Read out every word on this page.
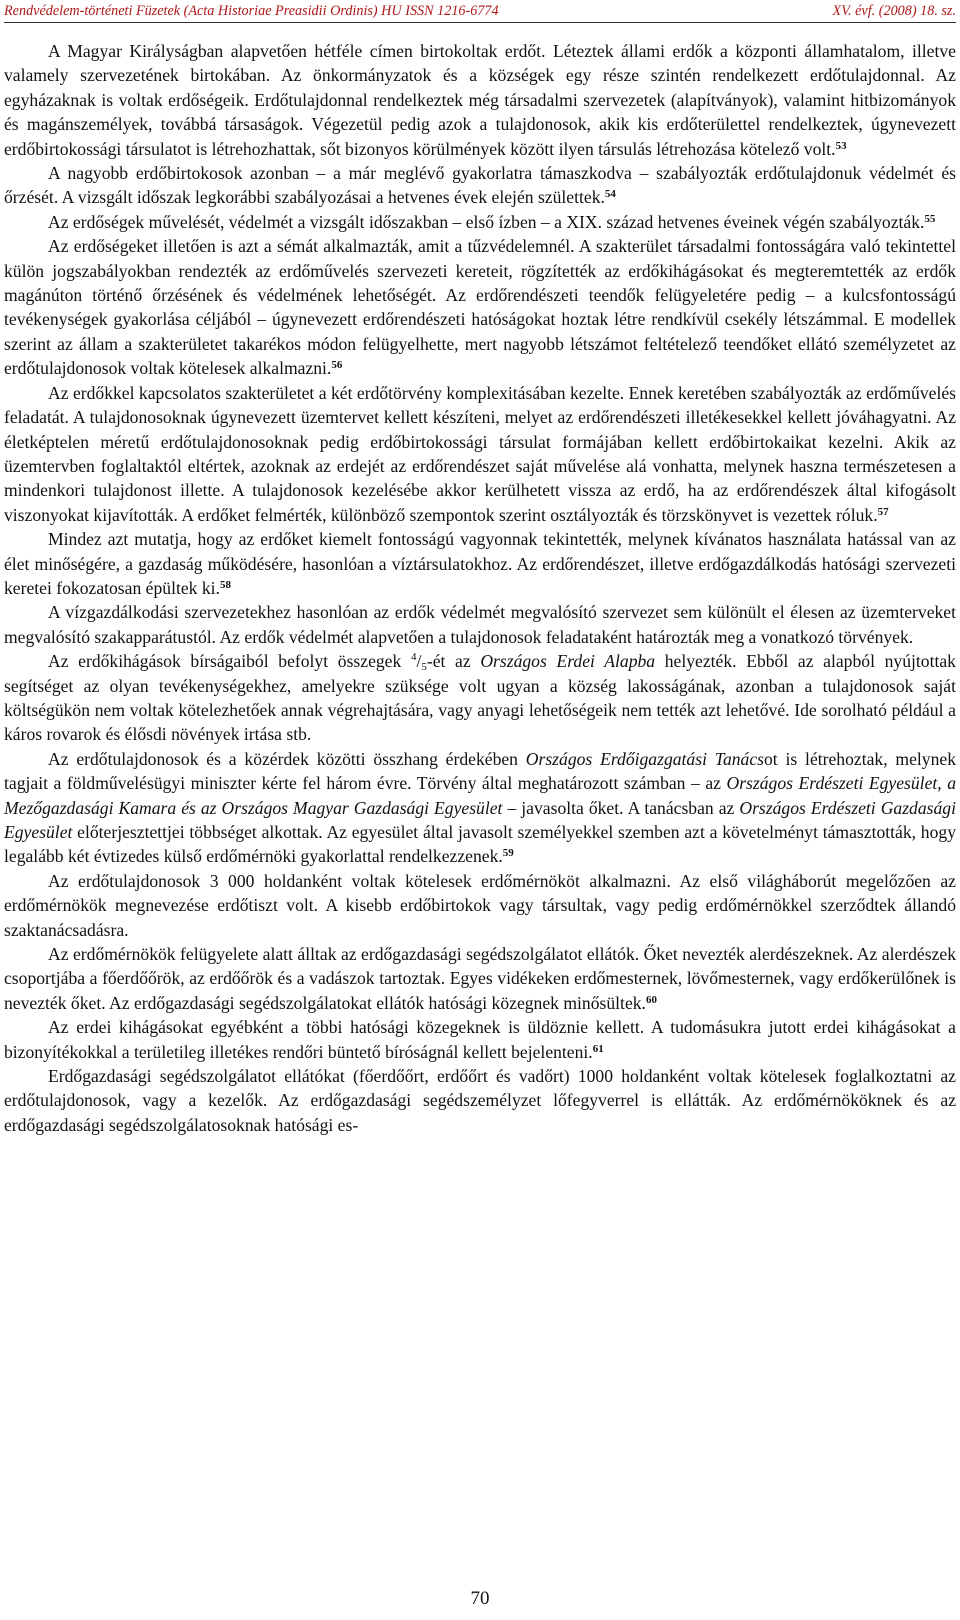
Rendvédelem-történeti Füzetek (Acta Historiae Preasidii Ordinis) HU ISSN 1216-6774	XV. évf. (2008) 18. sz.

A Magyar Királyságban alapvetően hétféle címen birtokoltak erdőt. Léteztek állami erdők a központi államhatalom, illetve valamely szervezetének birtokában. Az önkormányzatok és a községek egy része szintén rendelkezett erdőtulajdonnal. Az egyházaknak is voltak erdőségeik. Erdőtulajdonnal rendelkeztek még társadalmi szervezetek (alapítványok), valamint hitbizományok és magánszemélyek, továbbá társaságok. Végezetül pedig azok a tulajdonosok, akik kis erdőterülettel rendelkeztek, úgynevezett erdőbirtokossági társulatot is létrehozhattak, sőt bizonyos körülmények között ilyen társulás létrehozása kötelező volt.$^{53}$

A nagyobb erdőbirtokosok azonban – a már meglévő gyakorlatra támaszkodva – szabályozták erdőtulajdonuk védelmét és őrzését. A vizsgált időszak legkorábbi szabályozásai a hetvenes évek elején születtek.$^{54}$

Az erdőségek művelését, védelmét a vizsgált időszakban – első ízben – a XIX. század hetvenes éveinek végén szabályozták.$^{55}$

Az erdőségeket illetően is azt a sémát alkalmazták, amit a tűzvédelemnél. A szakterület társadalmi fontosságára való tekintettel külön jogszabályokban rendezték az erdőművelés szervezeti kereteit, rögzítették az erdőkihágásokat és megteremtették az erdők magánúton történő őrzésének és védelmének lehetőségét. Az erdőrendészeti teendők felügyeletére pedig – a kulcsfontosságú tevékenységek gyakorlása céljából – úgynevezett erdőrendészeti hatóságokat hoztak létre rendkívül csekély létszámmal. E modellek szerint az állam a szakterületet takarékos módon felügyelhette, mert nagyobb létszámot feltételező teendőket ellátó személyzetet az erdőtulajdonosok voltak kötelesek alkalmazni.$^{56}$

Az erdőkkel kapcsolatos szakterületet a két erdőtörvény komplexitásában kezelte. Ennek keretében szabályozták az erdőművelés feladatát. A tulajdonosoknak úgynevezett üzemtervet kellett készíteni, melyet az erdőrendészeti illetékesekkel kellett jóváhagyatni. Az életképtelen méretű erdőtulajdonosoknak pedig erdőbirtokossági társulat formájában kellett erdőbirtokaikat kezelni. Akik az üzemtervben foglaltaktól eltértek, azoknak az erdejét az erdőrendészet saját művelése alá vonhatta, melynek haszna természetesen a mindenkori tulajdonost illette. A tulajdonosok kezelésébe akkor kerülhetett vissza az erdő, ha az erdőrendészek által kifogásolt viszonyokat kijavították. A erdőket felmérték, különböző szempontok szerint osztályozták és törzskönyvet is vezettek róluk.$^{57}$

Mindez azt mutatja, hogy az erdőket kiemelt fontosságú vagyonnak tekintették, melynek kívánatos használata hatással van az élet minőségére, a gazdaság működésére, hasonlóan a víztársulatokhoz. Az erdőrendészet, illetve erdőgazdálkodás hatósági szervezeti keretei fokozatosan épültek ki.$^{58}$

A vízgazdálkodási szervezetekhez hasonlóan az erdők védelmét megvalósító szervezet sem különült el élesen az üzemterveket megvalósító szakapparátustól. Az erdők védelmét alapvetően a tulajdonosok feladataként határozták meg a vonatkozó törvények.

Az erdőkihágások bírságaiból befolyt összegek $^4$/5-ét az Országos Erdei Alapba helyezték. Ebből az alapból nyújtottak segítséget az olyan tevékenységekhez, amelyekre szüksége volt ugyan a község lakosságának, azonban a tulajdonosok saját költségükön nem voltak kötelezhetőek annak végrehajtására, vagy anyagi lehetőségeik nem tették azt lehetővé. Ide sorolható például a káros rovarok és élősdi növények irtása stb.

Az erdőtulajdonosok és a közérdek közötti összhang érdekében Országos Erdőigazgatási Tanácsot is létrehoztak, melynek tagjait a földművelésügyi miniszter kérte fel három évre. Törvény által meghatározott számban – az Országos Erdészeti Egyesület, a Mezőgazdasági Kamara és az Országos Magyar Gazdasági Egyesület – javasolta őket. A tanácsban az Országos Erdészeti Gazdasági Egyesület előterjesztettjei többséget alkottak. Az egyesület által javasolt személyekkel szemben azt a követelményt támasztották, hogy legalább két évtizedes külső erdőmérnöki gyakorlattal rendelkezzenek.$^{59}$

Az erdőtulajdonosok 3 000 holdanként voltak kötelesek erdőmérnököt alkalmazni. Az első világháborút megelőzően az erdőmérnökök megnevezése erdőtiszt volt. A kisebb erdőbirtokok vagy társultak, vagy pedig erdőmérnökkel szerződtek állandó szaktanácsadásra.

Az erdőmérnökök felügyelete alatt álltak az erdőgazdasági segédszolgálatot ellátók. Őket nevezték alerdészeknek. Az alerdészek csoportjába a főerdőőrök, az erdőőrök és a vadászok tartoztak. Egyes vidékeken erdőmesternek, lövőmesternek, vagy erdőkerülőnek is nevezték őket. Az erdőgazdasági segédszolgálatokat ellátók hatósági közegnek minősültek.$^{60}$

Az erdei kihágásokat egyébként a többi hatósági közegeknek is üldöznie kellett. A tudomásukra jutott erdei kihágásokat a bizonyítékokkal a területileg illetékes rendőri büntető bíróságnál kellett bejelenteni.$^{61}$

Erdőgazdasági segédszolgálatot ellátókat (főerdőőrt, erdőőrt és vadőrt) 1000 holdanként voltak kötelesek foglalkoztatni az erdőtulajdonosok, vagy a kezelők. Az erdőgazdasági segédszemélyzet lőfegyverrel is ellátták. Az erdőmérnököknek és az erdőgazdasági segédszolgálatosoknak hatósági es-

70
